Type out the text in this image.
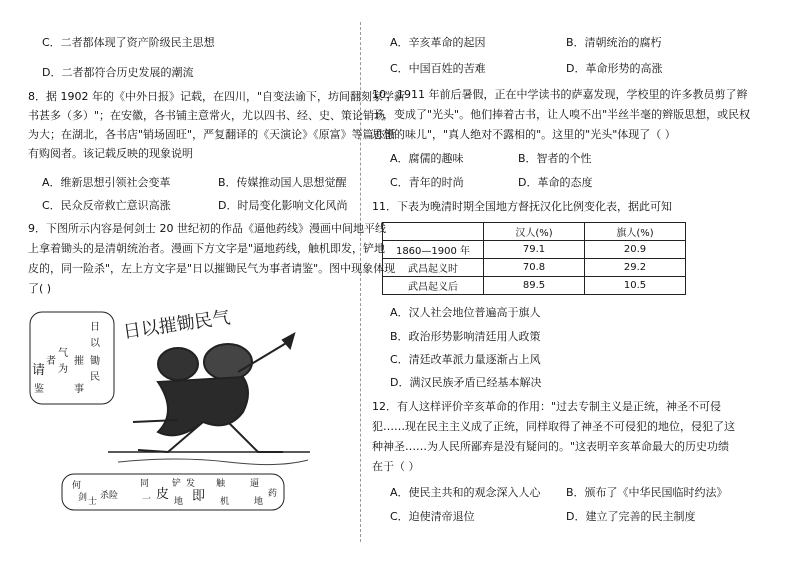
C．二者都体现了资产阶级民主思想
D．二者都符合历史发展的潮流
8．据 1902 年的《中外日报》记载，在四川，"自变法谕下，坊间翻刻家学新
书甚多（多）"；在安徽，各书铺主意常火，尤以四书、经、史、策论销场
为大；在湖北，各书店"销场固旺"，严复翻译的《天演论》《原富》等篇亦渐
有购阅者。该记载反映的现象说明
A．维新思想引领社会变革	B．传媒推动国人思想觉醒
C．民众反帝救亡意识高涨	D．时局变化影响文化风尚
9．下图所示内容是何剑士 20 世纪初的作品《逼他药线》漫画中间地平线
上拿着锄头的是清朝统治者。漫画下方文字是"逼地药线，触机即发，铲地
皮的，同一险杀"，左上方文字是"日以摧锄民气为事者请鉴"。图中现象体现
了( )
日
以
摧 锄
民
气
为
事
者
请
鉴
日以摧锄民气
何
剑 士
杀险
同
一 皮
铲
地
发
即
触
机
逼
地
药
A．辛亥革命的起因	B．清朝统治的腐朽
C．中国百姓的苦难	D．革命形势的高涨
10．1911 年前后暑假，正在中学读书的萨嘉发现，学校里的许多教员剪了辫
子，变成了"光头"。他们捧着古书，让人嗅不出"半丝半毫的辫版思想，或民权
思想的味儿"，"真人绝对不露相的"。这里的"光头"体现了（ ）
A．腐儒的趣味	B．智者的个性
C．青年的时尚	D．革命的态度
11．下表为晚清时期全国地方督抚汉化比例变化表，据此可知
	汉人(%)	旗人(%)
1860—1900 年	79.1	20.9
武昌起义时	70.8	29.2
武昌起义后	89.5	10.5
A．汉人社会地位普遍高于旗人
B．政治形势影响清廷用人政策
C．清廷改革派力量逐渐占上风
D．满汉民族矛盾已经基本解决
12．有人这样评价辛亥革命的作用："过去专制主义是正统，神圣不可侵
犯……现在民主主义成了正统，同样取得了神圣不可侵犯的地位，侵犯了这
种神圣……为人民所鄙弃是没有疑问的。"这表明辛亥革命最大的历史功绩
在于（ ）
A．使民主共和的观念深入人心 B．颁布了《中华民国临时约法》
C．迫使清帝退位	D．建立了完善的民主制度
